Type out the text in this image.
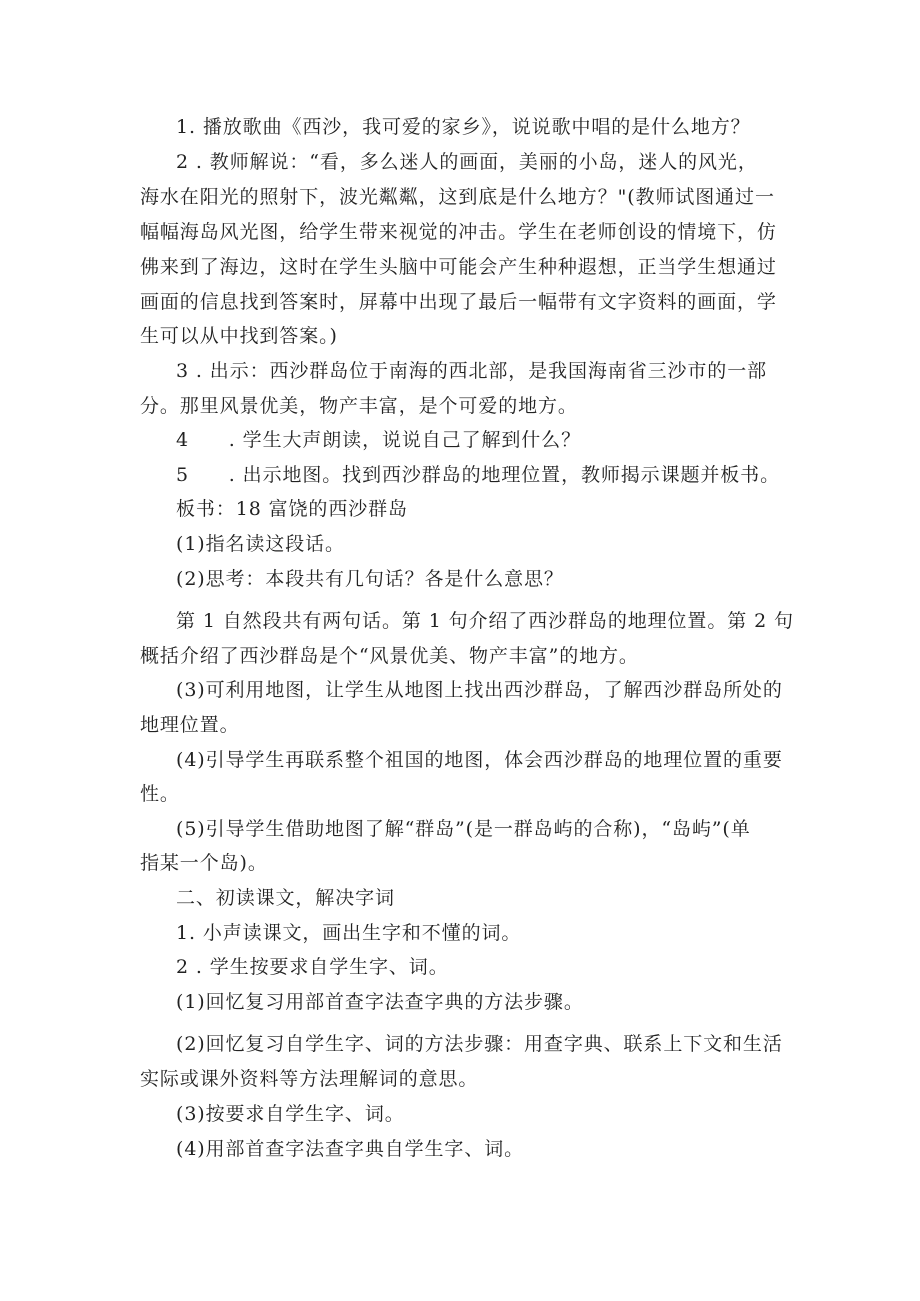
1. 播放歌曲《西沙，我可爱的家乡》，说说歌中唱的是什么地方？
2 . 教师解说：“看，多么迷人的画面，美丽的小岛，迷人的风光，
海水在阳光的照射下，波光粼粼，这到底是什么地方？"(教师试图通过一
幅幅海岛风光图，给学生带来视觉的冲击。学生在老师创设的情境下，仿
佛来到了海边，这时在学生头脑中可能会产生种种遐想，正当学生想通过
画面的信息找到答案时，屏幕中出现了最后一幅带有文字资料的画面，学
生可以从中找到答案。)
3 . 出示：西沙群岛位于南海的西北部，是我国海南省三沙市的一部
分。那里风景优美，物产丰富，是个可爱的地方。
4　　. 学生大声朗读，说说自己了解到什么？
5　　. 出示地图。找到西沙群岛的地理位置，教师揭示课题并板书。
板书：18 富饶的西沙群岛
(1)指名读这段话。
(2)思考：本段共有几句话？各是什么意思？
第 1 自然段共有两句话。第 1 句介绍了西沙群岛的地理位置。第 2 句
概括介绍了西沙群岛是个“风景优美、物产丰富”的地方。
(3)可利用地图，让学生从地图上找出西沙群岛，了解西沙群岛所处的
地理位置。
(4)引导学生再联系整个祖国的地图，体会西沙群岛的地理位置的重要
性。
(5)引导学生借助地图了解“群岛”(是一群岛屿的合称)，“岛屿”(单
指某一个岛)。
二、初读课文，解决字词
1. 小声读课文，画出生字和不懂的词。
2 . 学生按要求自学生字、词。
(1)回忆复习用部首查字法查字典的方法步骤。
(2)回忆复习自学生字、词的方法步骤：用查字典、联系上下文和生活
实际或课外资料等方法理解词的意思。
(3)按要求自学生字、词。
(4)用部首查字法查字典自学生字、词。
